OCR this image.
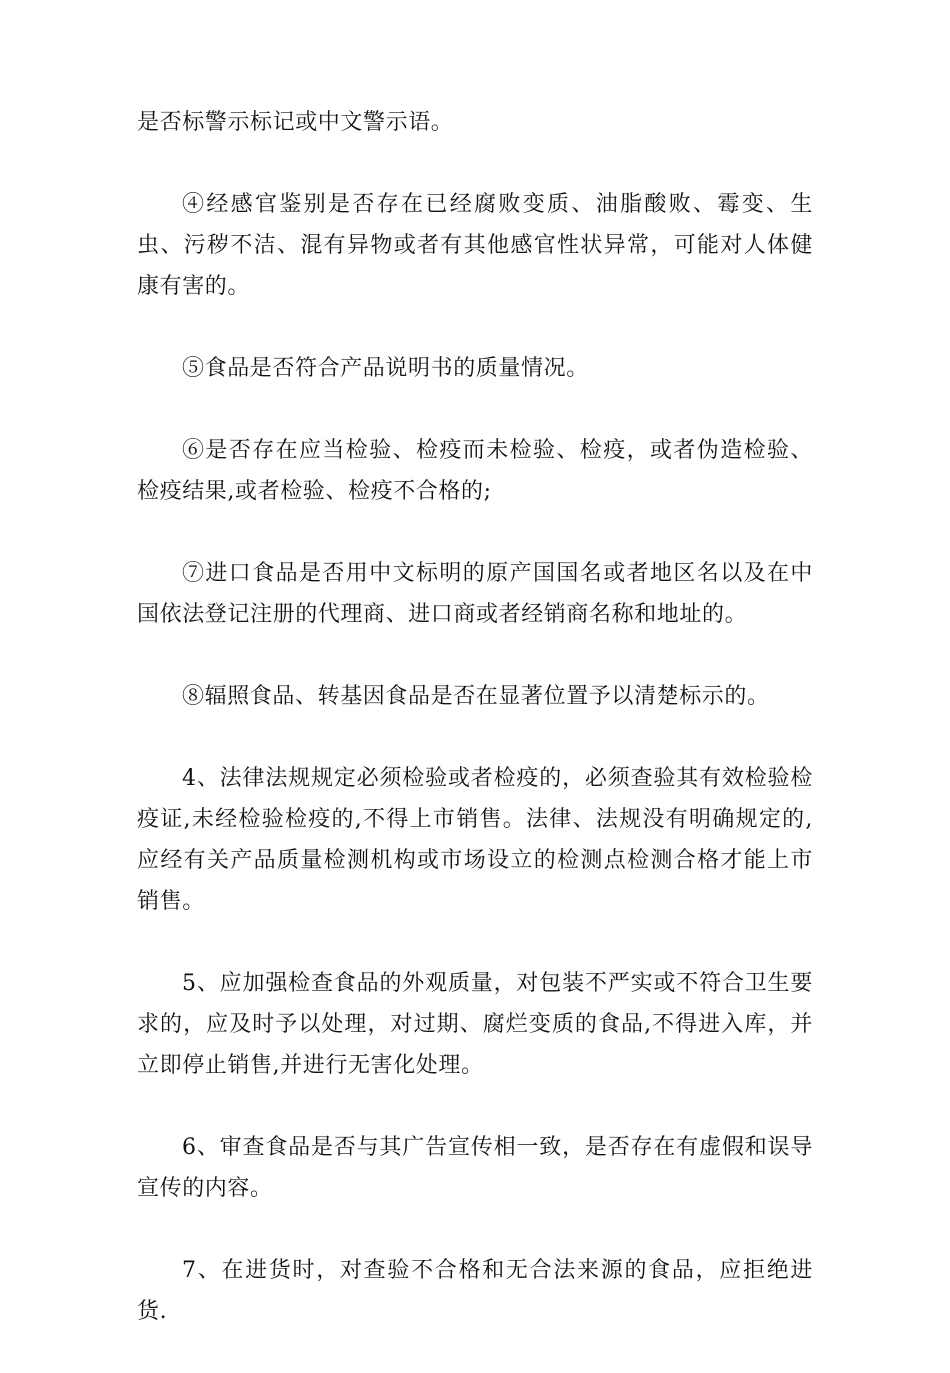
是否标警示标记或中文警示语。

④经感官鉴别是否存在已经腐败变质、油脂酸败、霉变、生虫、污秽不洁、混有异物或者有其他感官性状异常，可能对人体健康有害的。

⑤食品是否符合产品说明书的质量情况。

⑥是否存在应当检验、检疫而未检验、检疫，或者伪造检验、检疫结果,或者检验、检疫不合格的;

⑦进口食品是否用中文标明的原产国国名或者地区名以及在中国依法登记注册的代理商、进口商或者经销商名称和地址的。

⑧辐照食品、转基因食品是否在显著位置予以清楚标示的。

4、法律法规规定必须检验或者检疫的，必须查验其有效检验检疫证,未经检验检疫的,不得上市销售。法律、法规没有明确规定的,应经有关产品质量检测机构或市场设立的检测点检测合格才能上市销售。

5、应加强检查食品的外观质量，对包装不严实或不符合卫生要求的，应及时予以处理，对过期、腐烂变质的食品,不得进入库，并立即停止销售,并进行无害化处理。

6、审查食品是否与其广告宣传相一致，是否存在有虚假和误导宣传的内容。

7、在进货时，对查验不合格和无合法来源的食品，应拒绝进货.
